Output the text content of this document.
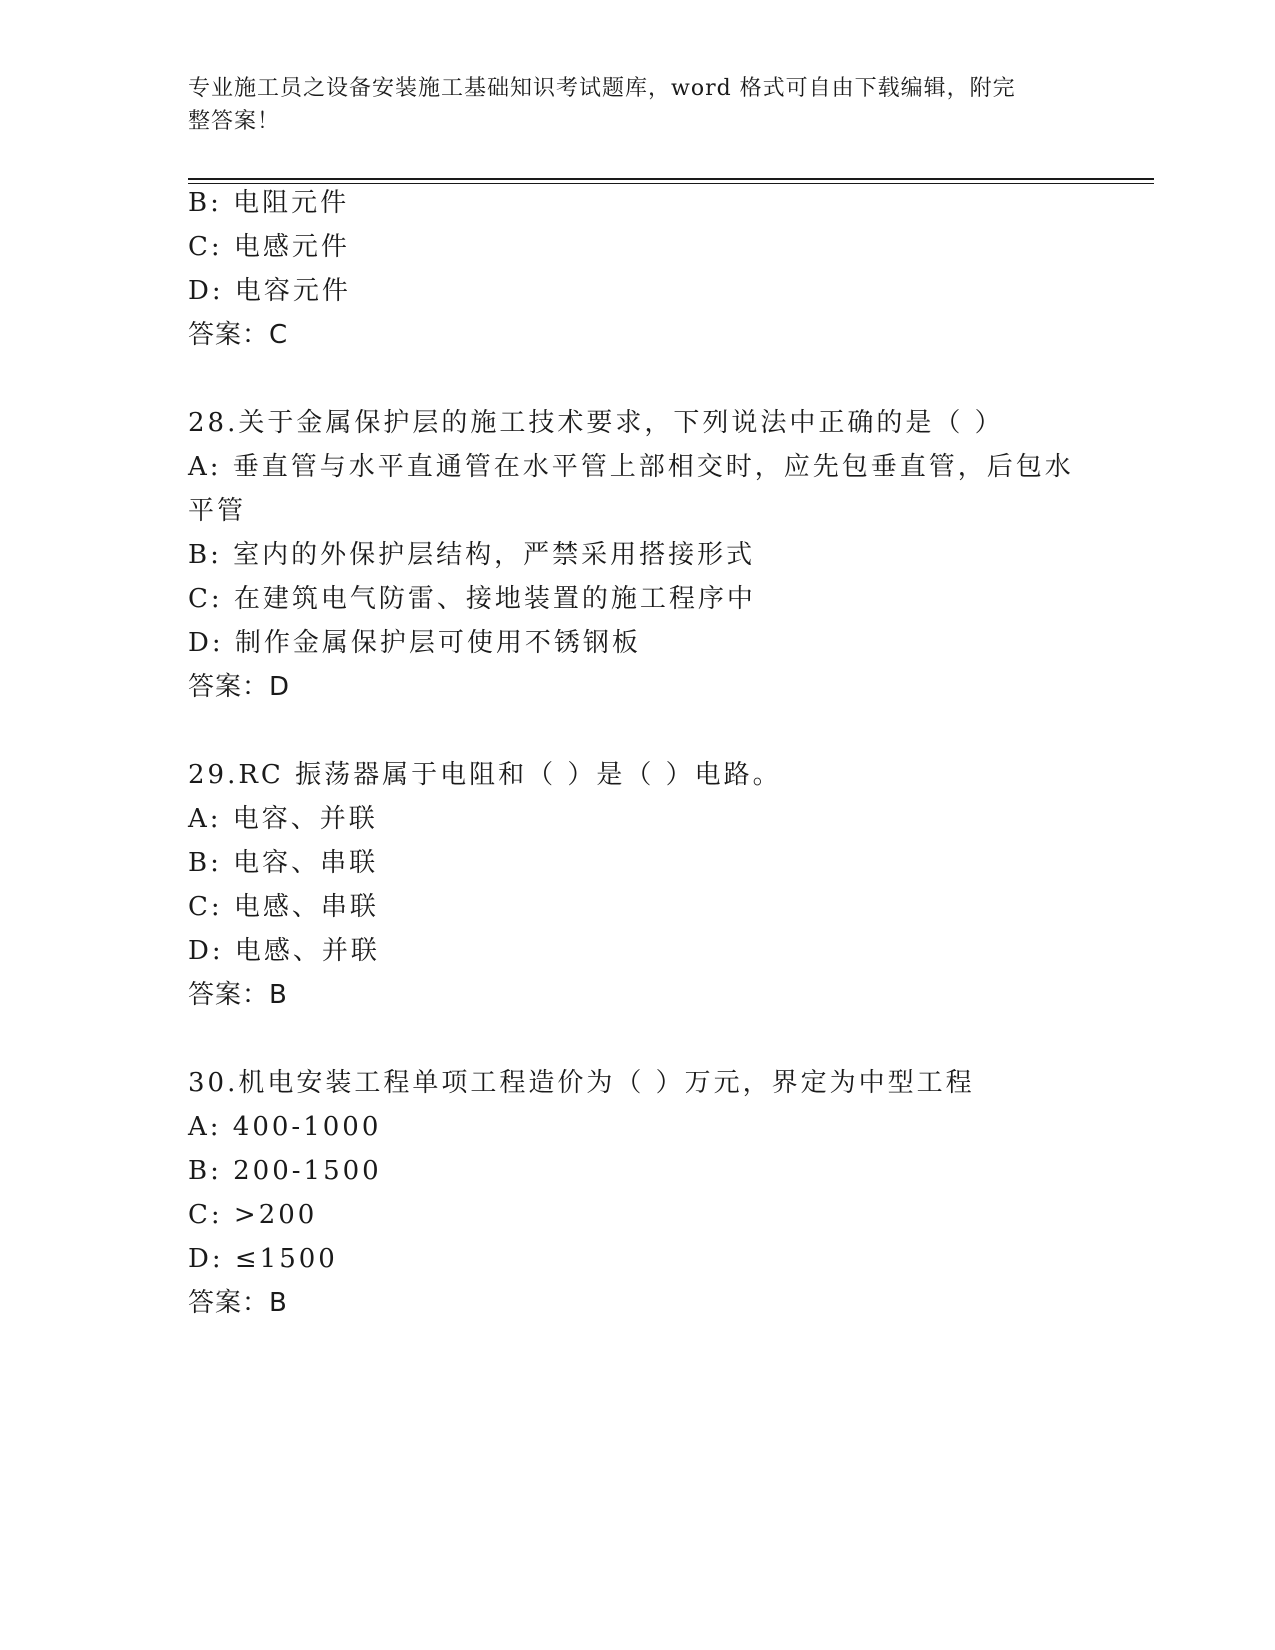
专业施工员之设备安装施工基础知识考试题库，word 格式可自由下载编辑，附完
整答案！
B: 电阻元件
C: 电感元件
D: 电容元件
答案：C
28.关于金属保护层的施工技术要求，下列说法中正确的是（ ）
A: 垂直管与水平直通管在水平管上部相交时，应先包垂直管，后包水
平管
B: 室内的外保护层结构，严禁采用搭接形式
C: 在建筑电气防雷、接地装置的施工程序中
D: 制作金属保护层可使用不锈钢板
答案：D
29.RC 振荡器属于电阻和（ ）是（ ）电路。
A: 电容、并联
B: 电容、串联
C: 电感、串联
D: 电感、并联
答案：B
30.机电安装工程单项工程造价为（ ）万元，界定为中型工程
A: 400-1000
B: 200-1500
C: >200
D: ≤1500
答案：B
